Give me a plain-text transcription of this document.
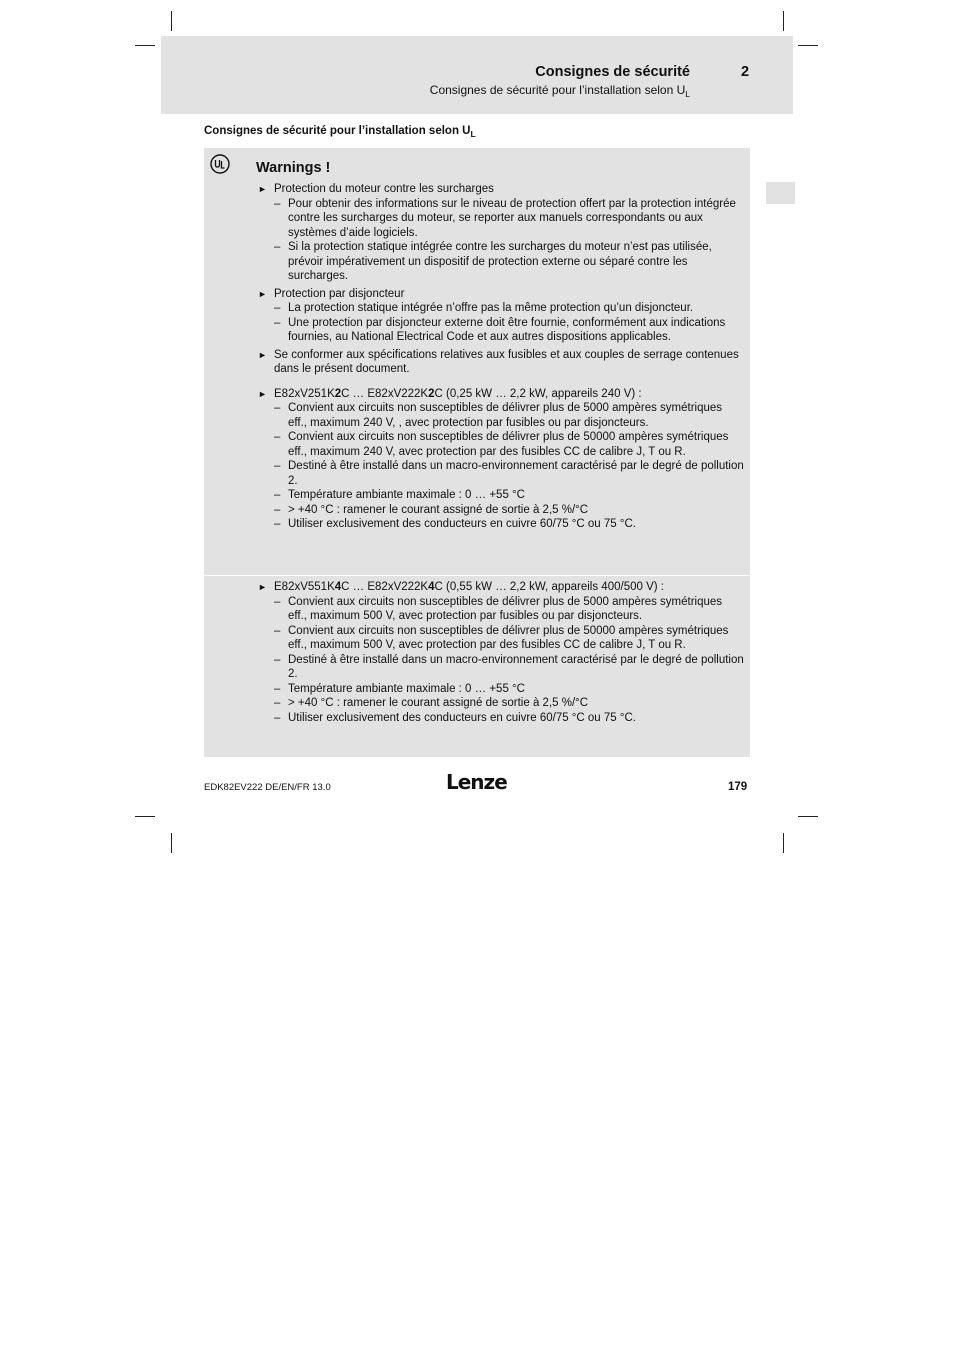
Consignes de sécurité	2
Consignes de sécurité pour l’installation selon $U_L$
Consignes de sécurité pour l’installation selon $U_L$
Warnings !
► Protection du moteur contre les surcharges
– Pour obtenir des informations sur le niveau de protection offert par la protection intégrée contre les surcharges du moteur, se reporter aux manuels correspondants ou aux systèmes d’aide logiciels.
– Si la protection statique intégrée contre les surcharges du moteur n’est pas utilisée, prévoir impérativement un dispositif de protection externe ou séparé contre les surcharges.
► Protection par disjoncteur
– La protection statique intégrée n’offre pas la même protection qu’un disjoncteur.
– Une protection par disjoncteur externe doit être fournie, conformément aux indications fournies, au National Electrical Code et aux autres dispositions applicables.
► Se conformer aux spécifications relatives aux fusibles et aux couples de serrage contenues dans le présent document.
► E82xV251K2C … E82xV222K2C (0,25 kW … 2,2 kW, appareils 240 V) :
– Convient aux circuits non susceptibles de délivrer plus de 5000 ampères symétriques eff., maximum 240 V, , avec protection par fusibles ou par disjoncteurs.
– Convient aux circuits non susceptibles de délivrer plus de 50000 ampères symétriques eff., maximum 240 V, avec protection par des fusibles CC de calibre J, T ou R.
– Destiné à être installé dans un macro-environnement caractérisé par le degré de pollution 2.
– Température ambiante maximale : 0 … +55 °C
– > +40 °C : ramener le courant assigné de sortie à 2,5 %/°C
– Utiliser exclusivement des conducteurs en cuivre 60/75 °C ou 75 °C.
► E82xV551K4C … E82xV222K4C (0,55 kW … 2,2 kW, appareils 400/500 V) :
– Convient aux circuits non susceptibles de délivrer plus de 5000 ampères symétriques eff., maximum 500 V, avec protection par fusibles ou par disjoncteurs.
– Convient aux circuits non susceptibles de délivrer plus de 50000 ampères symétriques eff., maximum 500 V, avec protection par des fusibles CC de calibre J, T ou R.
– Destiné à être installé dans un macro-environnement caractérisé par le degré de pollution 2.
– Température ambiante maximale : 0 … +55 °C
– > +40 °C : ramener le courant assigné de sortie à 2,5 %/°C
– Utiliser exclusivement des conducteurs en cuivre 60/75 °C ou 75 °C.
EDK82EV222 DE/EN/FR 13.0	Lenze	179
